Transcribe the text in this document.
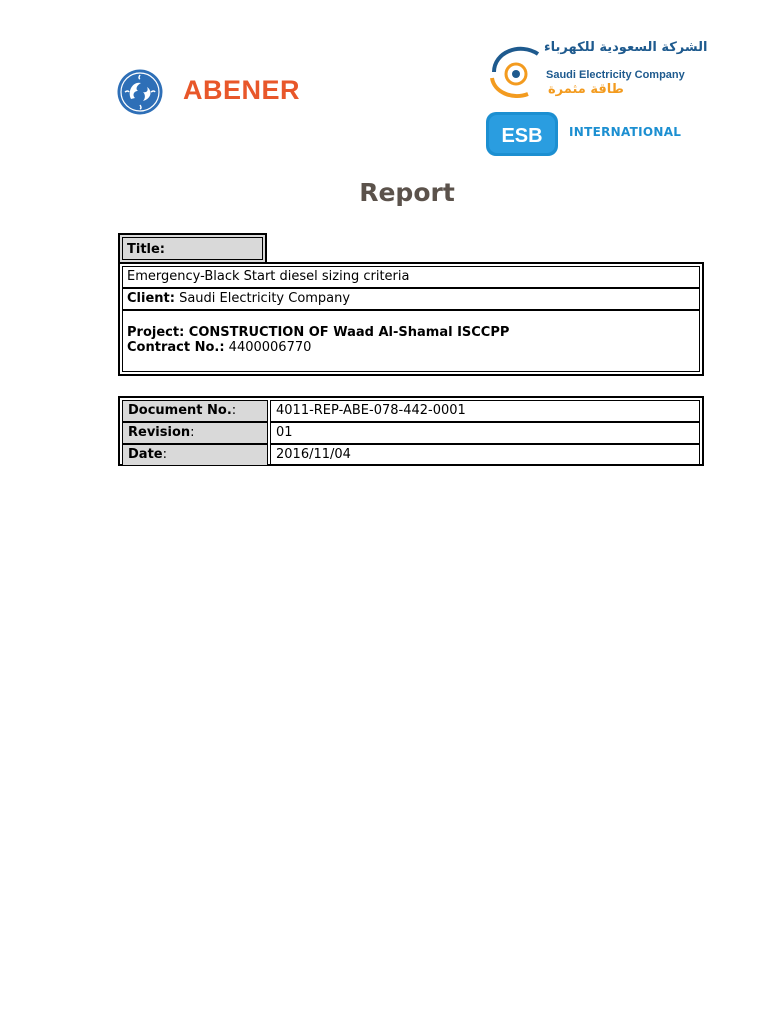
ABENER
الشركة السعودية للكهرباء
Saudi Electricity Company
طاقة مثمرة
ESB INTERNATIONAL
Report
Title:
Emergency-Black Start diesel sizing criteria
Client: Saudi Electricity Company
Project: CONSTRUCTION OF Waad Al-Shamal ISCCPP
Contract No.: 4400006770
Document No.:	4011-REP-ABE-078-442-0001
Revision:	01
Date:	2016/11/04
